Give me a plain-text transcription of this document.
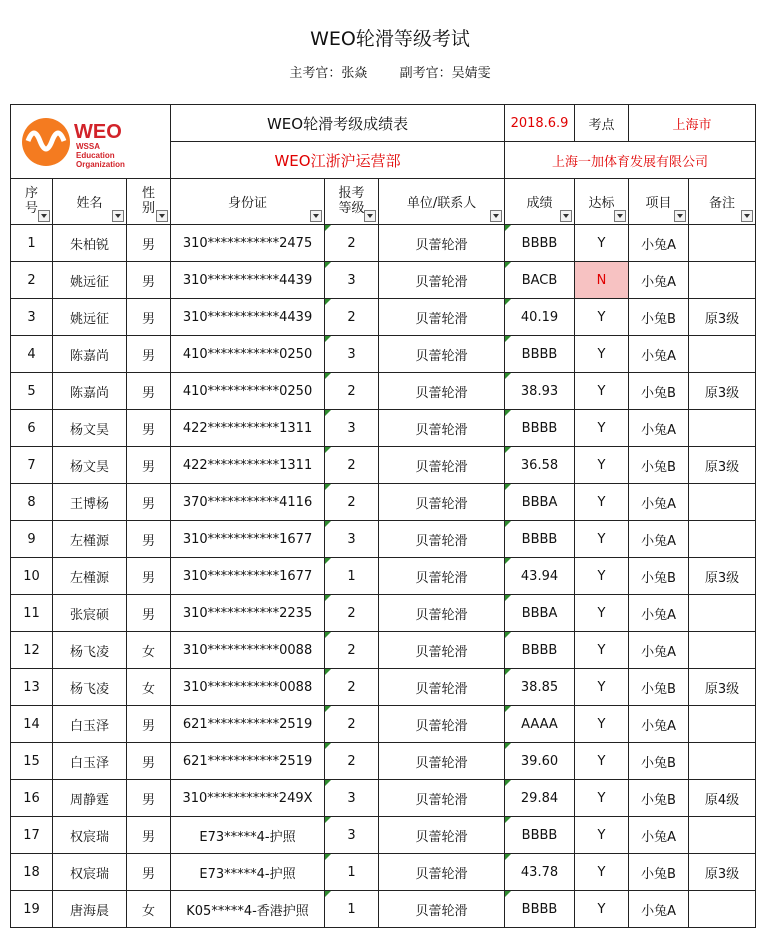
WEO轮滑等级考试
主考官：张焱 副考官：吴婧雯
WEO
WSSA
Education
Organization			WEO轮滑考级成绩表			2018.6.9	考点	上海市	
			WEO江浙沪运营部			上海一加体育发展有限公司			

序号	姓名	性别	身份证	报考等级	单位/联系人	成绩	达标	项目	备注

1	朱柏锐	男	310***********2475	2	贝蕾轮滑	BBBB	Y	小兔A	
2	姚远征	男	310***********4439	3	贝蕾轮滑	BACB	N	小兔A	
3	姚远征	男	310***********4439	2	贝蕾轮滑	40.19	Y	小兔B	原3级
4	陈嘉尚	男	410***********0250	3	贝蕾轮滑	BBBB	Y	小兔A	
5	陈嘉尚	男	410***********0250	2	贝蕾轮滑	38.93	Y	小兔B	原3级
6	杨文昊	男	422***********1311	3	贝蕾轮滑	BBBB	Y	小兔A	
7	杨文昊	男	422***********1311	2	贝蕾轮滑	36.58	Y	小兔B	原3级
8	王博杨	男	370***********4116	2	贝蕾轮滑	BBBA	Y	小兔A	
9	左槿源	男	310***********1677	3	贝蕾轮滑	BBBB	Y	小兔A	
10	左槿源	男	310***********1677	1	贝蕾轮滑	43.94	Y	小兔B	原3级
11	张宸硕	男	310***********2235	2	贝蕾轮滑	BBBA	Y	小兔A	
12	杨飞凌	女	310***********0088	2	贝蕾轮滑	BBBB	Y	小兔A	
13	杨飞凌	女	310***********0088	2	贝蕾轮滑	38.85	Y	小兔B	原3级
14	白玉泽	男	621***********2519	2	贝蕾轮滑	AAAA	Y	小兔A	
15	白玉泽	男	621***********2519	2	贝蕾轮滑	39.60	Y	小兔B	
16	周静霆	男	310***********249X	3	贝蕾轮滑	29.84	Y	小兔B	原4级
17	权宸瑞	男	E73*****4-护照	3	贝蕾轮滑	BBBB	Y	小兔A	
18	权宸瑞	男	E73*****4-护照	1	贝蕾轮滑	43.78	Y	小兔B	原3级
19	唐海晨	女	K05*****4-香港护照	1	贝蕾轮滑	BBBB	Y	小兔A	
